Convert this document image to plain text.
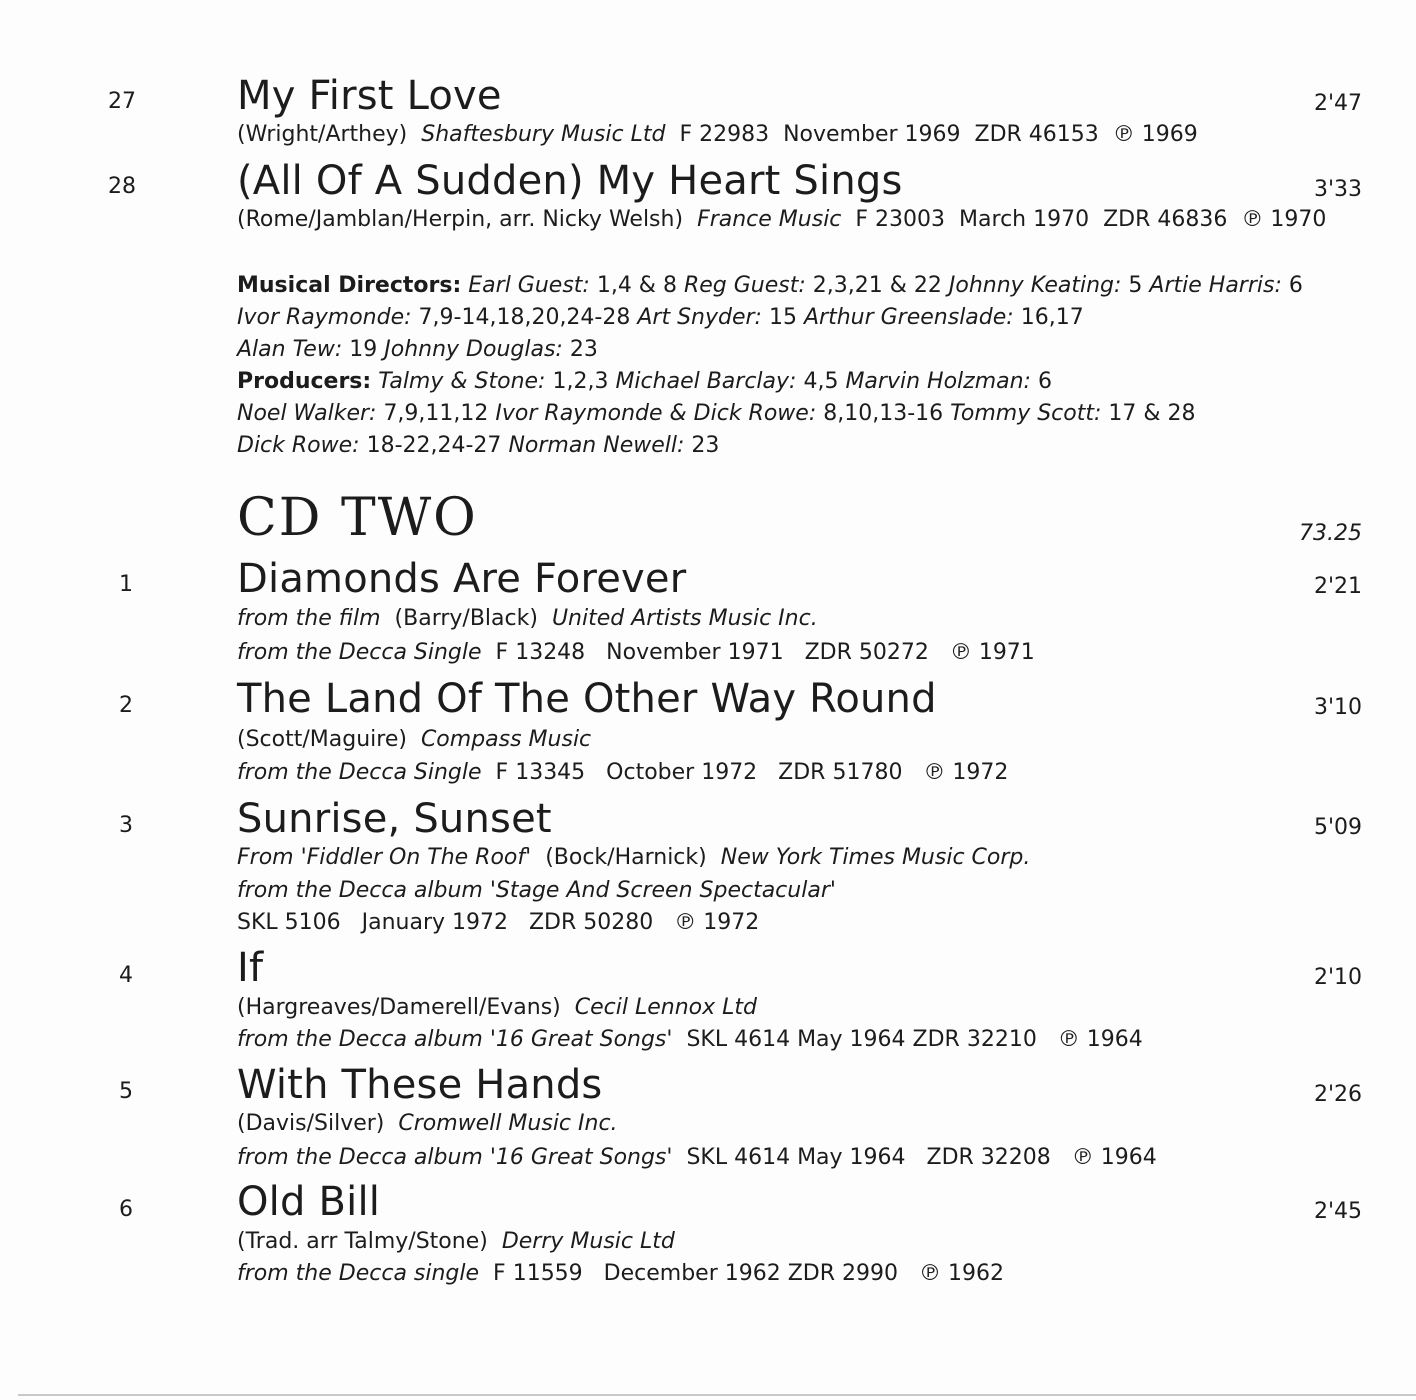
27	My First Love	2'47
(Wright/Arthey) Shaftesbury Music Ltd F 22983 November 1969 ZDR 46153 ℗ 1969
28	(All Of A Sudden) My Heart Sings	3'33
(Rome/Jamblan/Herpin, arr. Nicky Welsh) France Music F 23003 March 1970 ZDR 46836 ℗ 1970
Musical Directors: Earl Guest: 1,4 & 8 Reg Guest: 2,3,21 & 22 Johnny Keating: 5 Artie Harris: 6
Ivor Raymonde: 7,9-14,18,20,24-28 Art Snyder: 15 Arthur Greenslade: 16,17
Alan Tew: 19 Johnny Douglas: 23
Producers: Talmy & Stone: 1,2,3 Michael Barclay: 4,5 Marvin Holzman: 6
Noel Walker: 7,9,11,12 Ivor Raymonde & Dick Rowe: 8,10,13-16 Tommy Scott: 17 & 28
Dick Rowe: 18-22,24-27 Norman Newell: 23
CD TWO	73.25
1	Diamonds Are Forever	2'21
from the film (Barry/Black) United Artists Music Inc.
from the Decca Single F 13248   November 1971   ZDR 50272   ℗ 1971
2	The Land Of The Other Way Round	3'10
(Scott/Maguire) Compass Music
from the Decca Single F 13345   October 1972   ZDR 51780   ℗ 1972
3	Sunrise, Sunset	5'09
From 'Fiddler On The Roof' (Bock/Harnick) New York Times Music Corp.
from the Decca album 'Stage And Screen Spectacular'
SKL 5106   January 1972   ZDR 50280   ℗ 1972
4	If	2'10
(Hargreaves/Damerell/Evans) Cecil Lennox Ltd
from the Decca album '16 Great Songs' SKL 4614 May 1964 ZDR 32210   ℗ 1964
5	With These Hands	2'26
(Davis/Silver) Cromwell Music Inc.
from the Decca album '16 Great Songs' SKL 4614 May 1964   ZDR 32208   ℗ 1964
6	Old Bill	2'45
(Trad. arr Talmy/Stone) Derry Music Ltd
from the Decca single F 11559   December 1962 ZDR 2990   ℗ 1962
